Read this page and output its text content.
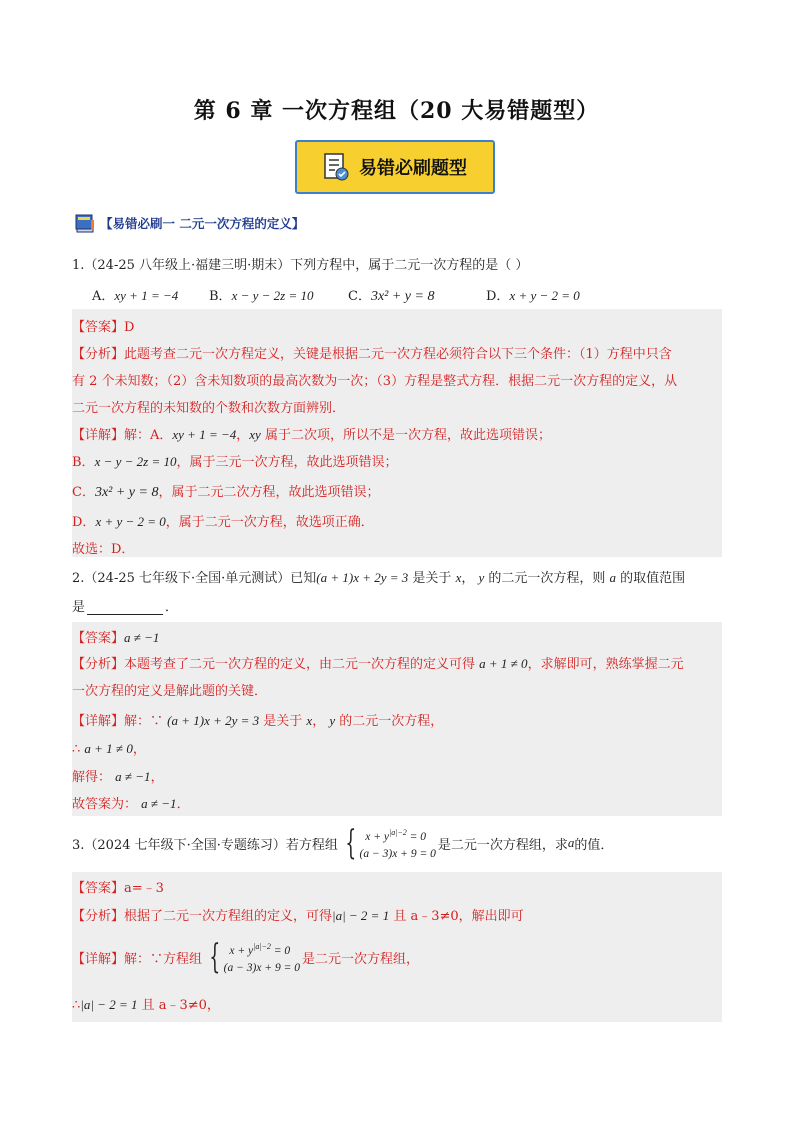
第 6 章 一次方程组（20 大易错题型）
易错必刷题型
【易错必刷一 二元一次方程的定义】
1.（24-25 八年级上·福建三明·期末）下列方程中，属于二元一次方程的是（ ）
A．xy + 1 = −4 B．x − y − 2z = 10	C．3x² + y = 8	D．x + y − 2 = 0
【答案】D
【分析】此题考查二元一次方程定义，关键是根据二元一次方程必须符合以下三个条件：（1）方程中只含
有 2 个未知数；（2）含未知数项的最高次数为一次；（3）方程是整式方程．根据二元一次方程的定义，从
二元一次方程的未知数的个数和次数方面辨别．
【详解】解：A．xy + 1 = −4，xy 属于二次项，所以不是一次方程，故此选项错误；
B．x − y − 2z = 10，属于三元一次方程，故此选项错误；
C．3x² + y = 8，属于二元二次方程，故此选项错误；
D．x + y − 2 = 0，属于二元一次方程，故选项正确．
故选：D．
2.（24-25 七年级下·全国·单元测试）已知(a + 1)x + 2y = 3 是关于 x， y 的二元一次方程，则 a 的取值范围
是	．
【答案】a ≠ −1
【分析】本题考查了二元一次方程的定义，由二元一次方程的定义可得 a + 1 ≠ 0，求解即可，熟练掌握二元
一次方程的定义是解此题的关键．
【详解】解：∵ (a + 1)x + 2y = 3 是关于 x， y 的二元一次方程，
∴ a + 1 ≠ 0，
解得： a ≠ −1，
故答案为： a ≠ −1．
3.（2024 七年级下·全国·专题练习）若方程组 { $x + y^{|a|-2} = 0$
(a − 3)x + 9 = 0
是二元一次方程组，求 a 的值．
【答案】a=﹣3
【分析】根据了二元一次方程组的定义，可得|a| − 2 = 1 且 a﹣3≠0，解出即可
【详解】解：∵方程组 { $x + y^{|a|-2} = 0$
(a − 3)x + 9 = 0
是二元一次方程组，
∴|a| − 2 = 1 且 a﹣3≠0，
